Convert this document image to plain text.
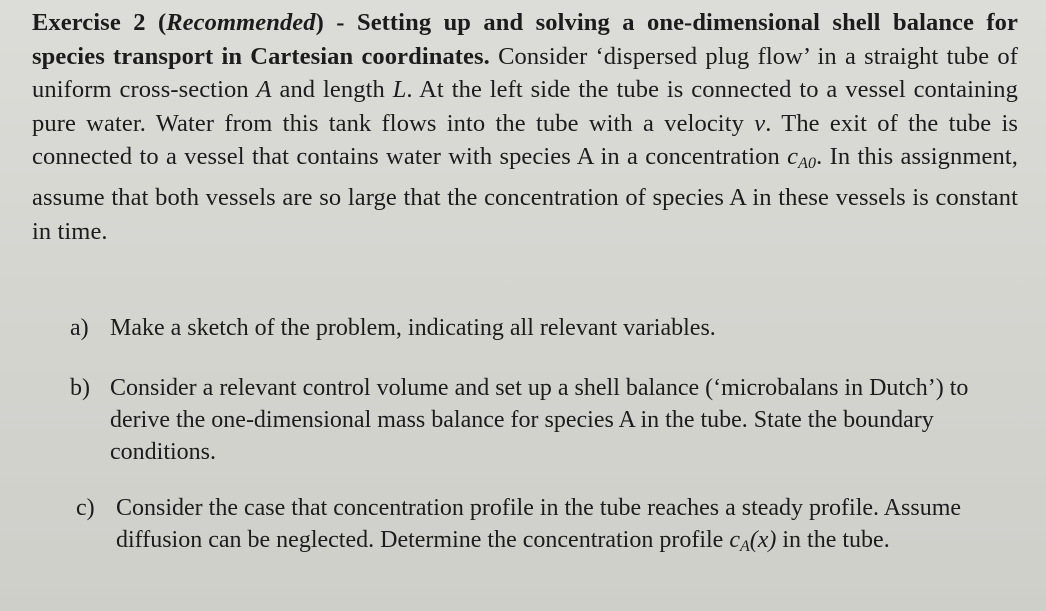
Exercise 2 (Recommended) - Setting up and solving a one-dimensional shell balance for species transport in Cartesian coordinates. Consider ‘dispersed plug flow’ in a straight tube of uniform cross-section A and length L. At the left side the tube is connected to a vessel containing pure water. Water from this tank flows into the tube with a velocity v. The exit of the tube is connected to a vessel that contains water with species A in a concentration $c_{A0}$. In this assignment, assume that both vessels are so large that the concentration of species A in these vessels is constant in time.

a) Make a sketch of the problem, indicating all relevant variables.
b) Consider a relevant control volume and set up a shell balance (‘microbalans in Dutch’) to derive the one-dimensional mass balance for species A in the tube. State the boundary conditions.
c) Consider the case that concentration profile in the tube reaches a steady profile. Assume diffusion can be neglected. Determine the concentration profile $c_A(x)$ in the tube.
